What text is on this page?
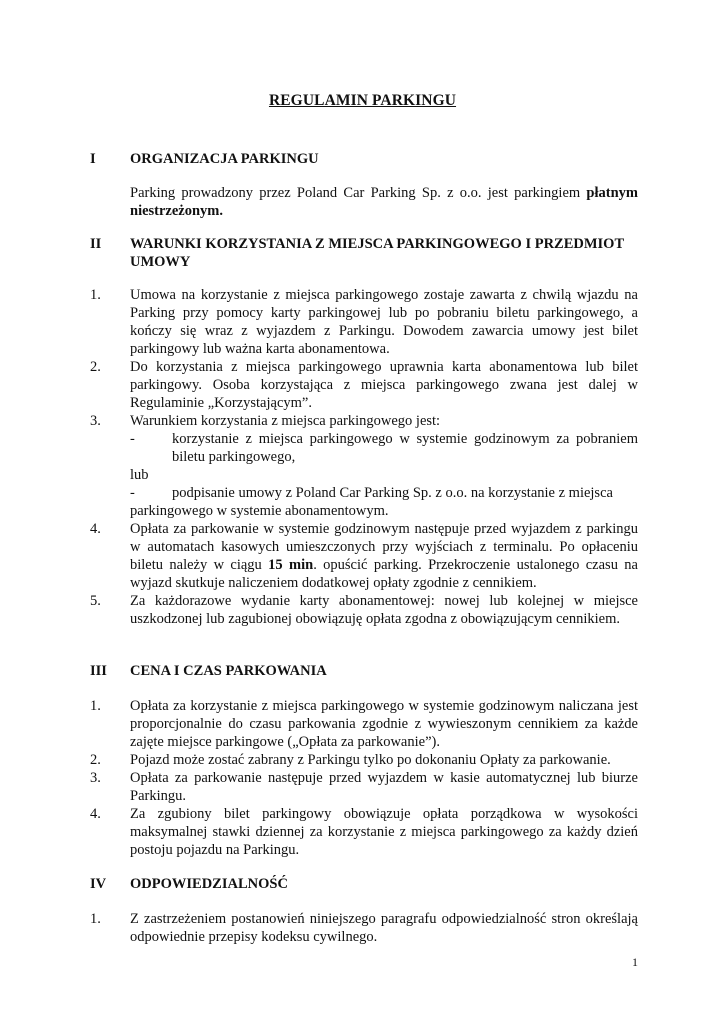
REGULAMIN PARKINGU
I ORGANIZACJA PARKINGU
Parking prowadzony przez Poland Car Parking Sp. z o.o. jest parkingiem płatnym niestrzeżonym.
II WARUNKI KORZYSTANIA Z MIEJSCA PARKINGOWEGO I PRZEDMIOT UMOWY
1. Umowa na korzystanie z miejsca parkingowego zostaje zawarta z chwilą wjazdu na Parking przy pomocy karty parkingowej lub po pobraniu biletu parkingowego, a kończy się wraz z wyjazdem z Parkingu. Dowodem zawarcia umowy jest bilet parkingowy lub ważna karta abonamentowa.
2. Do korzystania z miejsca parkingowego uprawnia karta abonamentowa lub bilet parkingowy. Osoba korzystająca z miejsca parkingowego zwana jest dalej w Regulaminie „Korzystającym”.
3. Warunkiem korzystania z miejsca parkingowego jest:
-	korzystanie z miejsca parkingowego w systemie godzinowym za pobraniem biletu parkingowego,
lub
-	podpisanie umowy z Poland Car Parking Sp. z o.o. na korzystanie z miejsca
parkingowego w systemie abonamentowym.
4. Opłata za parkowanie w systemie godzinowym następuje przed wyjazdem z parkingu w automatach kasowych umieszczonych przy wyjściach z terminalu. Po opłaceniu biletu należy w ciągu 15 min. opuścić parking. Przekroczenie ustalonego czasu na wyjazd skutkuje naliczeniem dodatkowej opłaty zgodnie z cennikiem.
5. Za każdorazowe wydanie karty abonamentowej: nowej lub kolejnej w miejsce uszkodzonej lub zagubionej obowiązuję opłata zgodna z obowiązującym cennikiem.
III CENA I CZAS PARKOWANIA
1. Opłata za korzystanie z miejsca parkingowego w systemie godzinowym naliczana jest proporcjonalnie do czasu parkowania zgodnie z wywieszonym cennikiem za każde zajęte miejsce parkingowe („Opłata za parkowanie”).
2. Pojazd może zostać zabrany z Parkingu tylko po dokonaniu Opłaty za parkowanie.
3. Opłata za parkowanie następuje przed wyjazdem w kasie automatycznej lub biurze Parkingu.
4. Za zgubiony bilet parkingowy obowiązuje opłata porządkowa w wysokości maksymalnej stawki dziennej za korzystanie z miejsca parkingowego za każdy dzień postoju pojazdu na Parkingu.
IV ODPOWIEDZIALNOŚĆ
1. Z zastrzeżeniem postanowień niniejszego paragrafu odpowiedzialność stron określają odpowiednie przepisy kodeksu cywilnego.
1
